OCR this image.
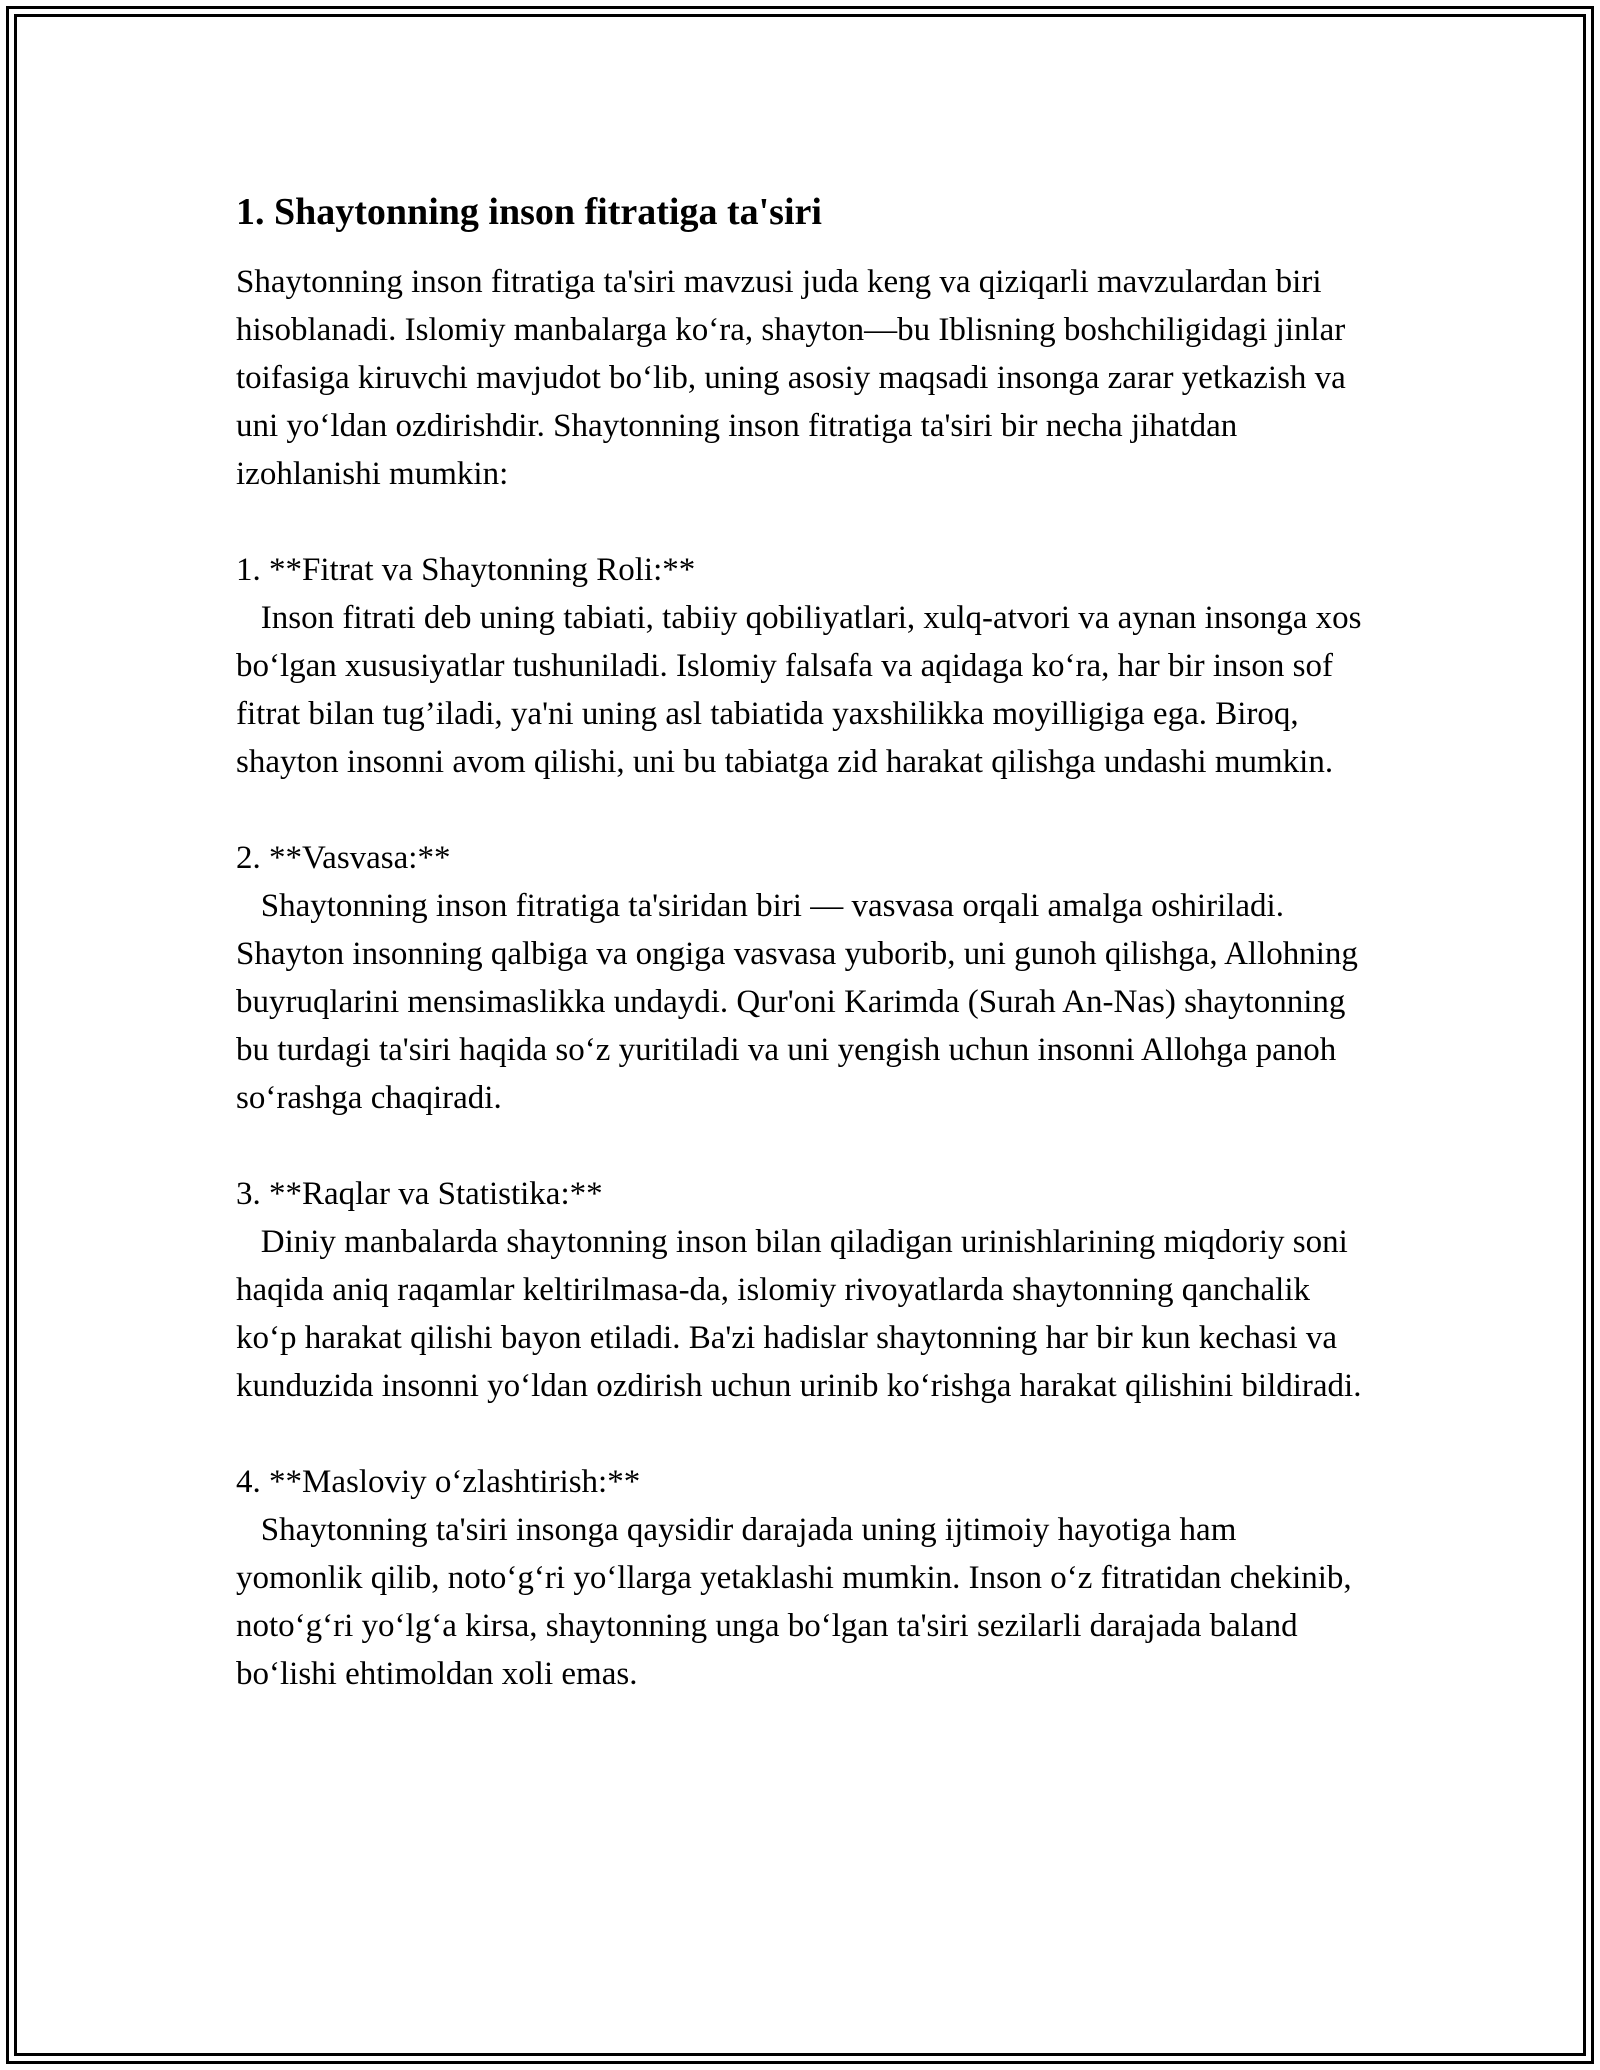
1. Shaytonning inson fitratiga ta'siri

Shaytonning inson fitratiga ta'siri mavzusi juda keng va qiziqarli mavzulardan biri hisoblanadi. Islomiy manbalarga koʻra, shayton—bu Iblisning boshchiligidagi jinlar toifasiga kiruvchi mavjudot boʻlib, uning asosiy maqsadi insonga zarar yetkazish va uni yoʻldan ozdirishdir. Shaytonning inson fitratiga ta'siri bir necha jihatdan izohlanishi mumkin:

1. **Fitrat va Shaytonning Roli:**

Inson fitrati deb uning tabiati, tabiiy qobiliyatlari, xulq-atvori va aynan insonga xos boʻlgan xususiyatlar tushuniladi. Islomiy falsafa va aqidaga koʻra, har bir inson sof fitrat bilan tug’iladi, ya'ni uning asl tabiatida yaxshilikka moyilligiga ega. Biroq, shayton insonni avom qilishi, uni bu tabiatga zid harakat qilishga undashi mumkin.

2. **Vasvasa:**

Shaytonning inson fitratiga ta'siridan biri — vasvasa orqali amalga oshiriladi. Shayton insonning qalbiga va ongiga vasvasa yuborib, uni gunoh qilishga, Allohning buyruqlarini mensimaslikka undaydi. Qur'oni Karimda (Surah An-Nas) shaytonning bu turdagi ta'siri haqida soʻz yuritiladi va uni yengish uchun insonni Allohga panoh soʻrashga chaqiradi.

3. **Raqlar va Statistika:**

Diniy manbalarda shaytonning inson bilan qiladigan urinishlarining miqdoriy soni haqida aniq raqamlar keltirilmasa-da, islomiy rivoyatlarda shaytonning qanchalik koʻp harakat qilishi bayon etiladi. Ba'zi hadislar shaytonning har bir kun kechasi va kunduzida insonni yoʻldan ozdirish uchun urinib koʻrishga harakat qilishini bildiradi.

4. **Masloviy oʻzlashtirish:**

Shaytonning ta'siri insonga qaysidir darajada uning ijtimoiy hayotiga ham yomonlik qilib, notoʻgʻri yoʻllarga yetaklashi mumkin. Inson oʻz fitratidan chekinib, notoʻgʻri yoʻlgʻa kirsa, shaytonning unga boʻlgan ta'siri sezilarli darajada baland boʻlishi ehtimoldan xoli emas.
